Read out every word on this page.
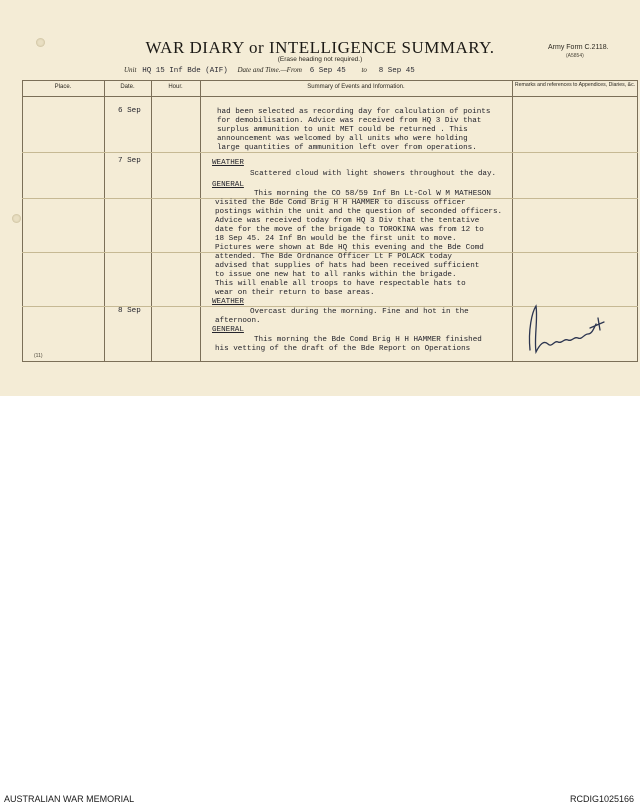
WAR DIARY or INTELLIGENCE SUMMARY.
(Erase heading not required.)
Army Form C.2118.
(A5854)
Unit HQ 15 Inf Bde (AIF) Date and Time.—From 6 Sep 45 to 8 Sep 45
Place.	Date.	Hour.	Summary of Events and Information.	Remarks and references to Appendices, Diaries, &c.
6 Sep	had been selected as recording day for calculation of points
for demobilisation. Advice was received from HQ 3 Div that
surplus ammunition to unit MET could be returned . This
announcement was welcomed by all units who were holding
large quantities of ammunition left over from operations.
7 Sep	WEATHER
Scattered cloud with light showers throughout the day.
GENERAL
This morning the CO 58/59 Inf Bn Lt-Col W M MATHESON
visited the Bde Comd Brig H H HAMMER to discuss officer
postings within the unit and the question of seconded officers.
Advice was received today from HQ 3 Div that the tentative
date for the move of the brigade to TOROKINA was from 12 to
18 Sep 45. 24 Inf Bn would be the first unit to move.
Pictures were shown at Bde HQ this evening and the Bde Comd
attended. The Bde Ordnance Officer Lt F POLACK today
advised that supplies of hats had been received sufficient
to issue one new hat to all ranks within the brigade.
This will enable all troops to have respectable hats to
wear on their return to base areas.
8 Sep
WEATHER
Overcast during the morning. Fine and hot in the
afternoon.
GENERAL
This morning the Bde Comd Brig H H HAMMER finished
his vetting of the draft of the Bde Report on Operations
(11)
AUSTRALIAN WAR MEMORIAL	RCDIG1025166
